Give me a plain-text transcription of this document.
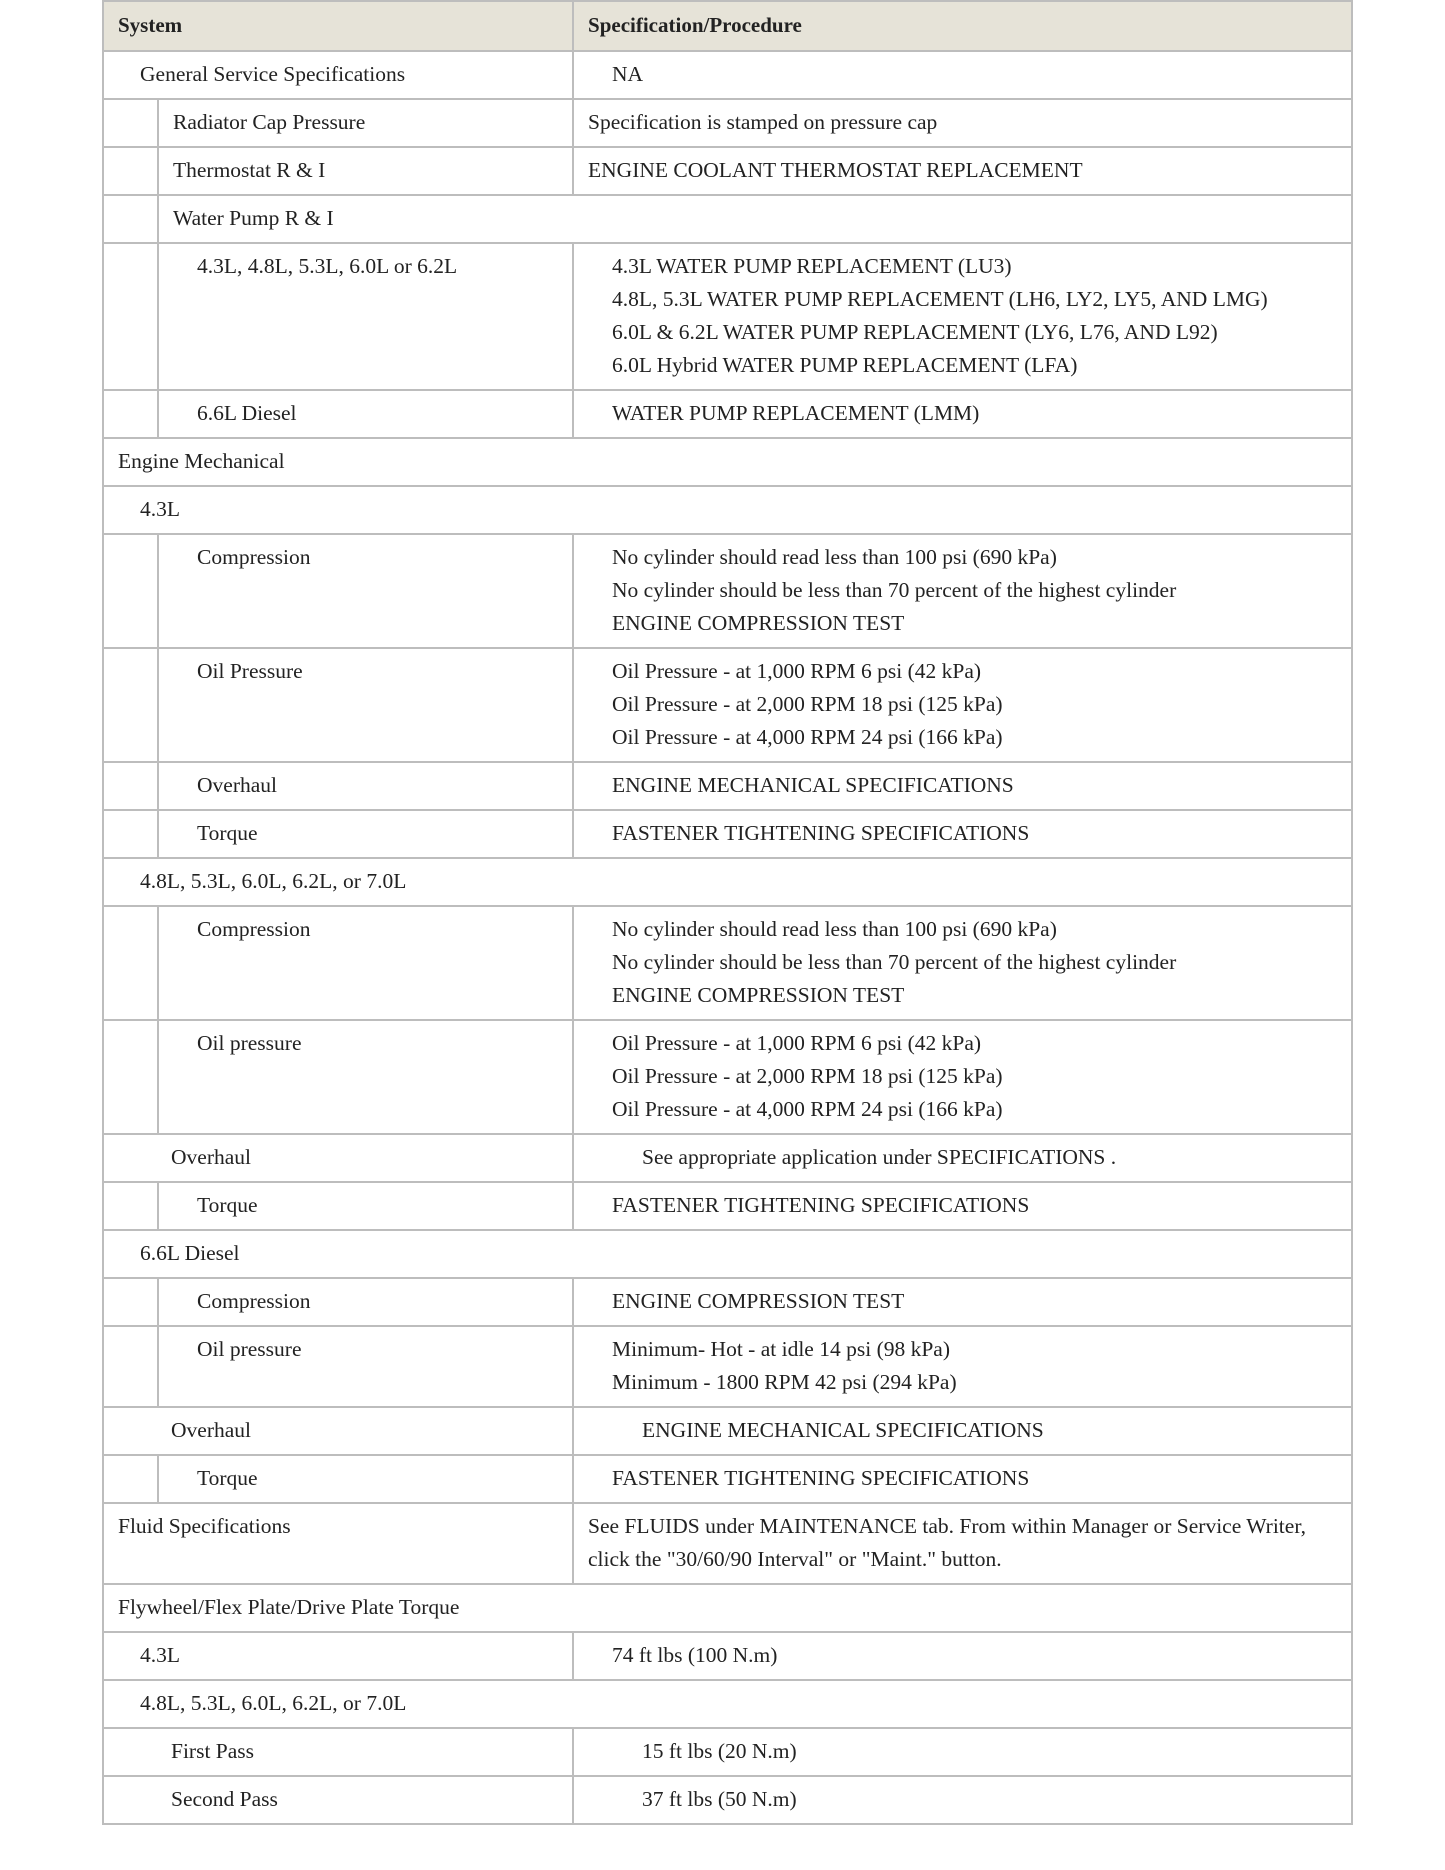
System		Specification/Procedure

General Service Specifications		NA

	Radiator Cap Pressure	Specification is stamped on pressure cap

	Thermostat R & I	ENGINE COOLANT THERMOSTAT REPLACEMENT

	Water Pump R & I	

	4.3L, 4.8L, 5.3L, 6.0L or 6.2L	4.3L WATER PUMP REPLACEMENT (LU3)
4.8L, 5.3L WATER PUMP REPLACEMENT (LH6, LY2, LY5, AND LMG)
6.0L & 6.2L WATER PUMP REPLACEMENT (LY6, L76, AND L92)
6.0L Hybrid WATER PUMP REPLACEMENT (LFA)

	6.6L Diesel	WATER PUMP REPLACEMENT (LMM)

Engine Mechanical		

4.3L		

	Compression	No cylinder should read less than 100 psi (690 kPa)
No cylinder should be less than 70 percent of the highest cylinder
ENGINE COMPRESSION TEST

	Oil Pressure	Oil Pressure - at 1,000 RPM 6 psi (42 kPa)
Oil Pressure - at 2,000 RPM 18 psi (125 kPa)
Oil Pressure - at 4,000 RPM 24 psi (166 kPa)

	Overhaul	ENGINE MECHANICAL SPECIFICATIONS

	Torque	FASTENER TIGHTENING SPECIFICATIONS

4.8L, 5.3L, 6.0L, 6.2L, or 7.0L		

	Compression	No cylinder should read less than 100 psi (690 kPa)
No cylinder should be less than 70 percent of the highest cylinder
ENGINE COMPRESSION TEST

	Oil pressure	Oil Pressure - at 1,000 RPM 6 psi (42 kPa)
Oil Pressure - at 2,000 RPM 18 psi (125 kPa)
Oil Pressure - at 4,000 RPM 24 psi (166 kPa)

Overhaul		See appropriate application under SPECIFICATIONS .

	Torque	FASTENER TIGHTENING SPECIFICATIONS

6.6L Diesel		

	Compression	ENGINE COMPRESSION TEST

	Oil pressure	Minimum- Hot - at idle 14 psi (98 kPa)
Minimum - 1800 RPM 42 psi (294 kPa)

Overhaul		ENGINE MECHANICAL SPECIFICATIONS

	Torque	FASTENER TIGHTENING SPECIFICATIONS

Fluid Specifications		See FLUIDS under MAINTENANCE tab. From within Manager or Service Writer,
click the "30/60/90 Interval" or "Maint." button.

Flywheel/Flex Plate/Drive Plate Torque		

4.3L		74 ft lbs (100 N.m)

4.8L, 5.3L, 6.0L, 6.2L, or 7.0L		

First Pass		15 ft lbs (20 N.m)

Second Pass		37 ft lbs (50 N.m)
